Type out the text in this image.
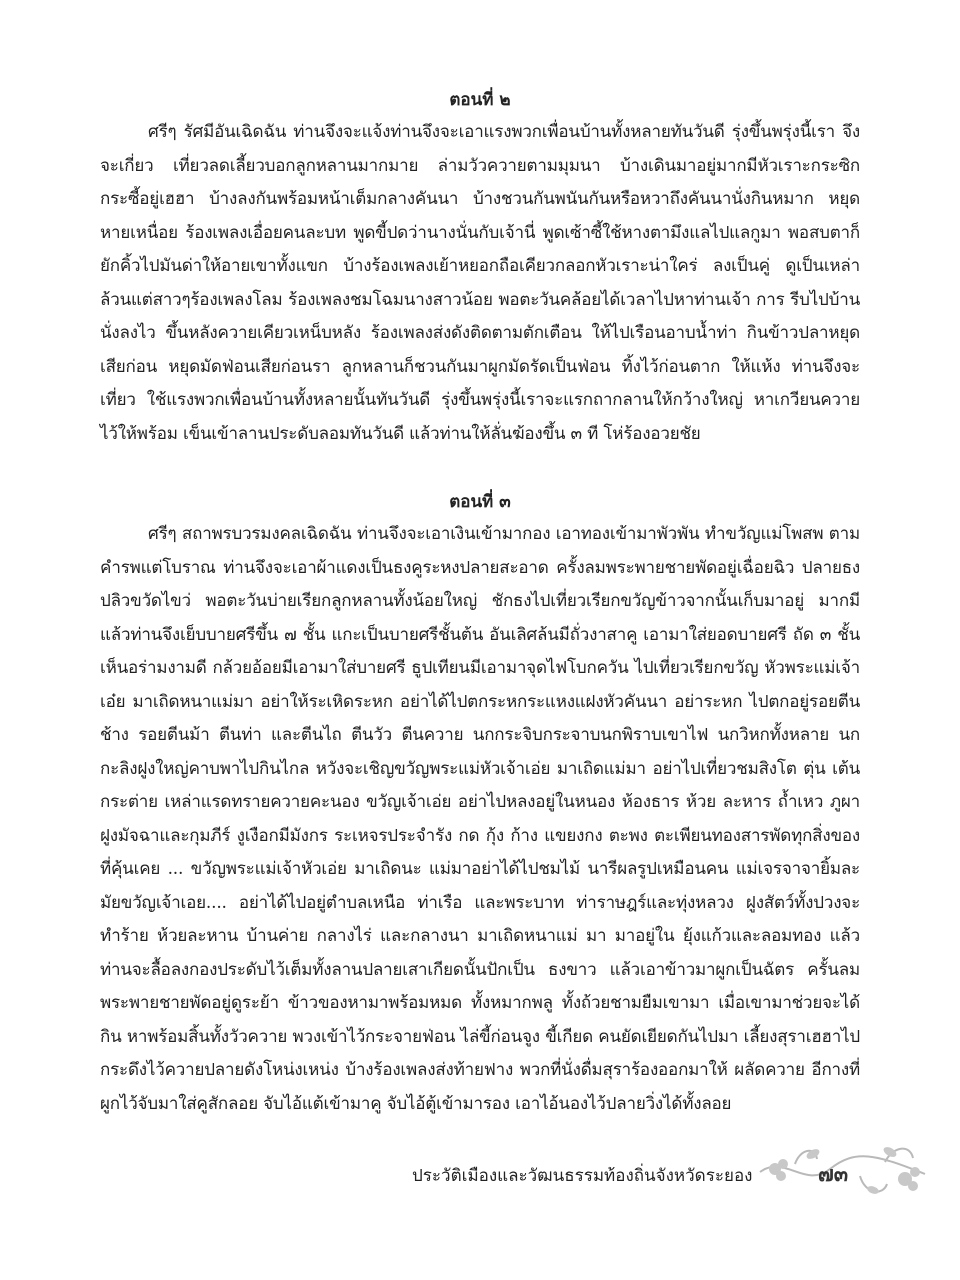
ตอนที่ ๒

ศรีๆ รัศมีอันเฉิดฉัน ท่านจึงจะแจ้งท่านจึงจะเอาแรงพวกเพื่อนบ้านทั้งหลายทันวันดี รุ่งขึ้นพรุ่งนี้เรา จึงจะเกี่ยว เที่ยวลดเลี้ยวบอกลูกหลานมากมาย ล่ามวัวควายตามมุมนา บ้างเดินมาอยู่มากมีหัวเราะกระซิก กระซี้อยู่เฮฮา บ้างลงกันพร้อมหน้าเต็มกลางคันนา บ้างชวนกันพนันกันหรือหวาถึงคันนานั่งกินหมาก หยุดหายเหนื่อย ร้องเพลงเอื่อยคนละบท พูดขี้ปดว่านางนั่นกับเจ้านี่ พูดเซ้าซี้ใช้หางตามึงแลไปแลกูมา พอสบตาก็ยักคิ้วไปมันด่าให้อายเขาทั้งแขก บ้างร้องเพลงเย้าหยอกถือเคียวกลอกหัวเราะน่าใคร่ ลงเป็นคู่ ดูเป็นเหล่า ล้วนแต่สาวๆร้องเพลงโลม ร้องเพลงชมโฉมนางสาวน้อย พอตะวันคล้อยได้เวลาไปหาท่านเจ้า การ รีบไปบ้านนั่งลงไว ขึ้นหลังควายเคียวเหน็บหลัง ร้องเพลงส่งดังติดตามตักเตือน ให้ไปเรือนอาบน้ำท่า กินข้าวปลาหยุดเสียก่อน หยุดมัดฟ่อนเสียก่อนรา ลูกหลานก็ชวนกันมาผูกมัดรัดเป็นฟ่อน ทิ้งไว้ก่อนตาก ให้แห้ง ท่านจึงจะเที่ยว ใช้แรงพวกเพื่อนบ้านทั้งหลายนั้นทันวันดี รุ่งขึ้นพรุ่งนี้เราจะแรกถากลานให้กว้างใหญ่ หาเกวียนควายไว้ให้พร้อม เข็นเข้าลานประดับลอมทันวันดี แล้วท่านให้ลั่นฆ้องขึ้น ๓ ที โห่ร้องอวยชัย

ตอนที่ ๓

ศรีๆ สถาพรบวรมงคลเฉิดฉัน ท่านจึงจะเอาเงินเข้ามากอง เอาทองเข้ามาพัวพัน ทำขวัญแม่โพสพ ตามคำรพแต่โบราณ ท่านจึงจะเอาผ้าแดงเป็นธงคูระหงปลายสะอาด ครั้งลมพระพายชายพัดอยู่เฉื่อยฉิว ปลายธงปลิวขวัดไขว่ พอตะวันบ่ายเรียกลูกหลานทั้งน้อยใหญ่ ชักธงไปเที่ยวเรียกขวัญข้าวจากนั้นเก็บมาอยู่ มากมี แล้วท่านจึงเย็บบายศรีขึ้น ๗ ชั้น แกะเป็นบายศรีชั้นต้น อันเลิศล้นมีถั่วงาสาคู เอามาใส่ยอดบายศรี ถัด ๓ ชั้น เห็นอร่ามงามดี กล้วยอ้อยมีเอามาใส่บายศรี ธูปเทียนมีเอามาจุดไฟโบกควัน ไปเที่ยวเรียกขวัญ หัวพระแม่เจ้าเอ๋ย มาเถิดหนาแม่มา อย่าให้ระเหิดระหก อย่าได้ไปตกระหกระแหงแฝงหัวคันนา อย่าระหก ไปตกอยู่รอยตีนช้าง รอยตีนม้า ตีนท่า และตีนไถ ตีนวัว ตีนควาย นกกระจิบกระจาบนกพิราบเขาไฟ นกวิหกทั้งหลาย นกกะลิงฝูงใหญ่คาบพาไปกินไกล หวังจะเชิญขวัญพระแม่หัวเจ้าเอ่ย มาเถิดแม่มา อย่าไปเที่ยวชมสิงโต ตุ่น เต้น กระต่าย เหล่าแรดทรายควายคะนอง ขวัญเจ้าเอ่ย อย่าไปหลงอยู่ในหนอง ห้องธาร ห้วย ละหาร ถ้ำเหว ภูผา ฝูงมัจฉาและกุมภีร์ งูเงือกมีมังกร ระเหจรประจำรัง กด กุ้ง ก้าง แขยงกง ตะพง ตะเพียนทองสารพัดทุกสิ่งของที่คุ้นเคย ... ขวัญพระแม่เจ้าหัวเอ่ย มาเถิดนะ แม่มาอย่าได้ไปชมไม้ นารีผลรูปเหมือนคน แม่เจรจาจายิ้มละมัยขวัญเจ้าเอย.... อย่าได้ไปอยู่ตำบลเหนือ ท่าเรือ และพระบาท ท่าราษฎร์และทุ่งหลวง ฝูงสัตว์ทั้งปวงจะทำร้าย ห้วยละหาน บ้านค่าย กลางไร่ และกลางนา มาเถิดหนาแม่ มา มาอยู่ใน ยุ้งแก้วและลอมทอง แล้วท่านจะลื้อลงกองประดับไว้เต็มทั้งลานปลายเสาเกียดนั้นปักเป็น ธงขาว แล้วเอาข้าวมาผูกเป็นฉัตร ครั้นลมพระพายชายพัดอยู่ดูระย้า ข้าวของหามาพร้อมหมด ทั้งหมากพลู ทั้งถ้วยชามยืมเขามา เมื่อเขามาช่วยจะได้กิน หาพร้อมสิ้นทั้งวัวควาย พวงเข้าไว้กระจายฟ่อน ไล่ขี้ก่อนจูง ขี้เกียด คนยัดเยียดกันไปมา เลี้ยงสุราเฮฮาไป กระดึงไว้ควายปลายดังโหน่งเหน่ง บ้างร้องเพลงส่งท้ายฟาง พวกที่นั่งดื่มสุราร้องออกมาให้ ผลัดควาย อีกางที่ผูกไว้จับมาใส่คูสักลอย จับไอ้แต้เข้ามาคู จับไอ้ตู้เข้ามารอง เอาไอ้นองไว้ปลายวิ่งได้ทั้งลอย

ประวัติเมืองและวัฒนธรรมท้องถิ่นจังหวัดระยอง	๗๓
